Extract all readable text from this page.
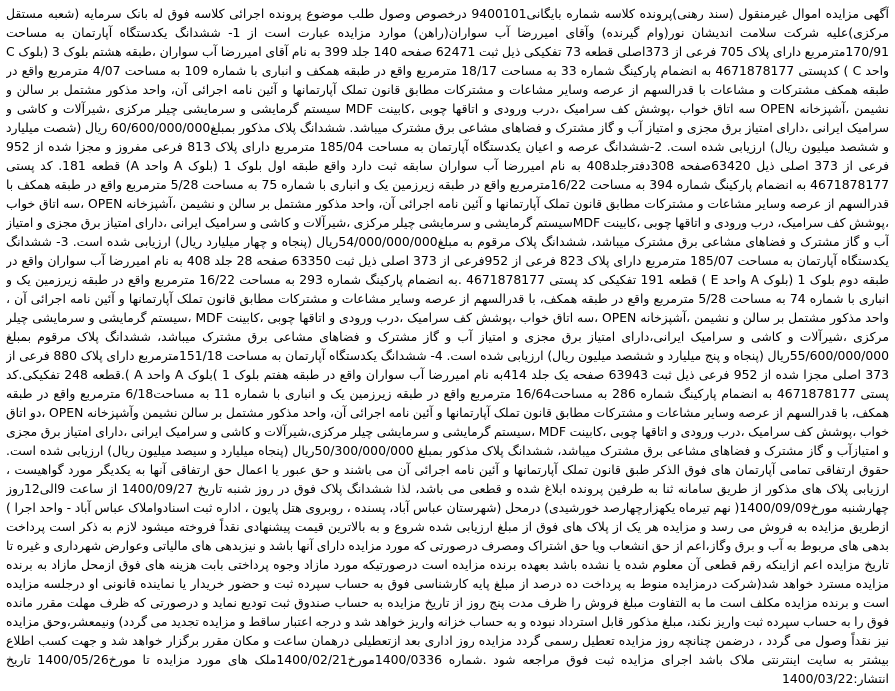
آگهی مزایده اموال غیرمنقول (سند رهنی)پرونده کلاسه شماره بایگانی9400101 درخصوص وصول طلب موضوع پرونده اجرائی کلاسه فوق له بانک سرمایه (شعبه مستقل مرکزی)علیه شرکت سلامت اندیشان نور(وام گیرنده) وآقای امیررضا آب سواران(راهن) موارد مزایده عبارت است از 1- ششدانگ یکدستگاه آپارتمان به مساحت 170/91مترمربع دارای پلاک 705 فرعی از 373اصلی قطعه 73 تفکیکی ذیل ثبت 62471 صفحه 140 جلد 399 به نام آقای امیررضا آب سواران ،طبقه هشتم بلوک 3 (بلوک C واحد C ) کدپستی 4671878177 به انضمام پارکینگ شماره 33 به مساحت 18/17 مترمربع واقع در طبقه همکف و انباری با شماره 109 به مساحت 4/07 مترمربع واقع در طبقه همکف مشترکات و مشاعات با قدرالسهم از عرصه وسایر مشاعات و مشترکات مطابق قانون تملک آپارتمانها و آئین نامه اجرائی آن، واحد مذکور مشتمل بر سالن و نشیمن ،آشپزخانه OPEN سه اتاق خواب ،پوشش کف سرامیک ،درب ورودی و اتاقها چوبی ،کابینت MDF سیستم گرمایشی و سرمایشی چیلر مرکزی ،شیرآلات و کاشی و سرامیک ایرانی ،دارای امتیاز برق مجزی و امتیاز آب و گاز مشترک و فضاهای مشاعی برق مشترک میباشد. ششدانگ پلاک مذکور بمبلغ60/600/000/000 ریال (شصت میلیارد و ششصد میلیون ریال) ارزیابی شده است. 2-ششدانگ عرصه و اعیان یکدستگاه آپارتمان به مساحت 185/04 مترمربع دارای پلاک 813 فرعی مفروز و مجزا شده از 952 فرعی از 373 اصلی ذیل 63420صفحه 308دفترجلد408 به نام امیررضا آب سواران سابقه ثبت دارد واقع طبقه اول بلوک 1 (بلوک A واحد A) قطعه 181. کد پستی 4671878177 به انضمام پارکینگ شماره 394 به مساحت 16/22مترمربع واقع در طبقه زیرزمین یک و انباری با شماره 75 به مساحت 5/28 مترمربع واقع در طبقه همکف با قدرالسهم از عرصه وسایر مشاعات و مشترکات مطابق قانون تملک آپارتمانها و آئین نامه اجرائی آن، واحد مذکور مشتمل بر سالن و نشیمن ،آشپزخانه OPEN ،سه اتاق خواب ،پوشش کف سرامیک، درب ورودی و اتاقها چوبی ،کابینت MDFسیستم گرمایشی و سرمایشی چیلر مرکزی ،شیرآلات و کاشی و سرامیک ایرانی ،دارای امتیاز برق مجزی و امتیاز آب و گاز مشترک و فضاهای مشاعی برق مشترک میباشد، ششدانگ پلاک مرقوم به مبلغ54/000/000/000ریال (پنجاه و چهار میلیارد ریال) ارزیابی شده است. 3- ششدانگ یکدستگاه آپارتمان به مساحت 185/07 مترمربع دارای پلاک 823 فرعی از 952فرعی از 373 اصلی ذیل ثبت 63350 صفحه 28 جلد 408 به نام امیررضا آب سواران واقع در طبقه دوم بلوک 1 (بلوک A واحد E ) قطعه 191 تفکیکی کد پستی 4671878177 .به انضمام پارکینگ شماره 293 به مساحت 16/22 مترمربع واقع در طبقه زیرزمین یک و انباری با شماره 74 به مساحت 5/28 مترمربع واقع در طبقه همکف، با قدرالسهم از عرصه وسایر مشاعات و مشترکات مطابق قانون تملک آپارتمانها و آئین نامه اجرائی آن ، واحد مذکور مشتمل بر سالن و نشیمن ،آشپزخانه OPEN ،سه اتاق خواب ،پوشش کف سرامیک ،درب ورودی و اتاقها چوبی ،کابینت MDF ،سیستم گرمایشی و سرمایشی چیلر مرکزی ،شیرآلات و کاشی و سرامیک ایرانی،دارای امتیاز برق مجزی و امتیاز آب و گاز مشترک و فضاهای مشاعی برق مشترک میباشد، ششدانگ پلاک مرقوم بمبلغ 55/600/000/000ریال (پنجاه و پنج میلیارد و ششصد میلیون ریال) ارزیابی شده است. 4- ششدانگ یکدستگاه آپارتمان به مساحت 151/18مترمربع دارای پلاک 880 فرعی از 373 اصلی مجزا شده از 952 فرعی ذیل ثبت 63943 صفحه یک جلد 414به نام امیررضا آب سواران واقع در طبقه هفتم بلوک 1 )بلوک A واحد A ).قطعه 248 تفکیکی.کد پستی 4671878177 به انضمام پارکینگ شماره 286 به مساحت16/64 مترمربع واقع در طبقه زیرزمین یک و انباری با شماره 11 به مساحت6/18 مترمربع واقع در طبقه همکف، با قدرالسهم از عرصه وسایر مشاعات و مشترکات مطابق قانون تملک آپارتمانها و آئین نامه اجرائی آن، واحد مذکور مشتمل بر سالن نشیمن وآشپزخانه OPEN ،دو اتاق خواب ،پوشش کف سرامیک ،درب ورودی و اتاقها چوبی ،کابینت MDF ،سیستم گرمایشی و سرمایشی چیلر مرکزی،شیرآلات و کاشی و سرامیک ایرانی ،دارای امتیاز برق مجزی و امتیازآب و گاز مشترک و فضاهای مشاعی برق مشترک میباشد، ششدانگ پلاک مذکور بمبلغ 50/300/000/000ریال (پنجاه میلیارد و سیصد میلیون ریال) ارزیابی شده است. حقوق ارتفاقی تمامی آپارتمان های فوق الذکر طبق قانون تملک آپارتمانها و آئین نامه اجرائی آن می باشند و حق عبور یا اعمال حق ارتفاقی آنها به یکدیگر مورد گواهیست ، ارزیابی پلاک های مذکور از طریق سامانه ثنا به طرفین پرونده ابلاغ شده و قطعی می باشد، لذا ششدانگ پلاک فوق در روز شنبه تاریخ 1400/09/27 از ساعت 9الی12روز چهارشنبه مورخ1400/09/09( نهم تیرماه یکهزارچهارصد خورشیدی) درمحل (شهرستان عباس آباد، پسنده ، روبروی هتل پایون ، اداره ثبت اسنادواملاک عباس آباد - واحد اجرا ) ازطریق مزایده به فروش می رسد و مزایده هر یک از پلاک های فوق از مبلغ ارزیابی شده شروع و به بالاترین قیمت پیشنهادی نقداً فروخته میشود لازم به ذکر است پرداخت بدهی های مربوط به آب و برق وگاز،اعم از حق انشعاب ویا حق اشتراک ومصرف درصورتی که مورد مزایده دارای آنها باشد و نیزبدهی های مالیاتی وعوارض شهرداری و غیره تا تاریخ مزایده اعم ازاینکه رقم قطعی آن معلوم شده یا نشده باشد بعهده برنده مزایده است درصورتیکه مورد مازاد وجوه پرداختی بابت هزینه های فوق ازمحل مازاد به برنده مزایده مسترد خواهد شد(شرکت درمزایده منوط به پرداخت ده درصد از مبلغ پایه کارشناسی فوق به حساب سپرده ثبت و حضور خریدار یا نماینده قانونی او درجلسه مزایده است و برنده مزایده مکلف است ما به التفاوت مبلغ فروش را ظرف مدت پنج روز از تاریخ مزایده به حساب صندوق ثبت تودیع نماید و درصورتی که ظرف مهلت مقرر مانده فوق را به حساب سپرده ثبت واریز نکند، مبلغ مذکور قابل استرداد نبوده و به حساب خزانه واریز خواهد شد و درجه اعتبار ساقط و مزایده تجدید می گردد) ونیمعشر،وحق مزایده نیز نقداً وصول می گردد ، درضمن چنانچه روز مزایده تعطیل رسمی گردد مزایده روز اداری بعد ازتعطیلی درهمان ساعت و مکان مقرر برگزار خواهد شد و جهت کسب اطلاع بیشتر به سایت اینترنتی ملاک باشد اجرای مزایده ثبت فوق مراجعه شود .شماره 1400/0336مورخ1400/02/21ملک های مورد مزایده تا مورخ1400/05/26 تاریخ انتشار:1400/03/22
